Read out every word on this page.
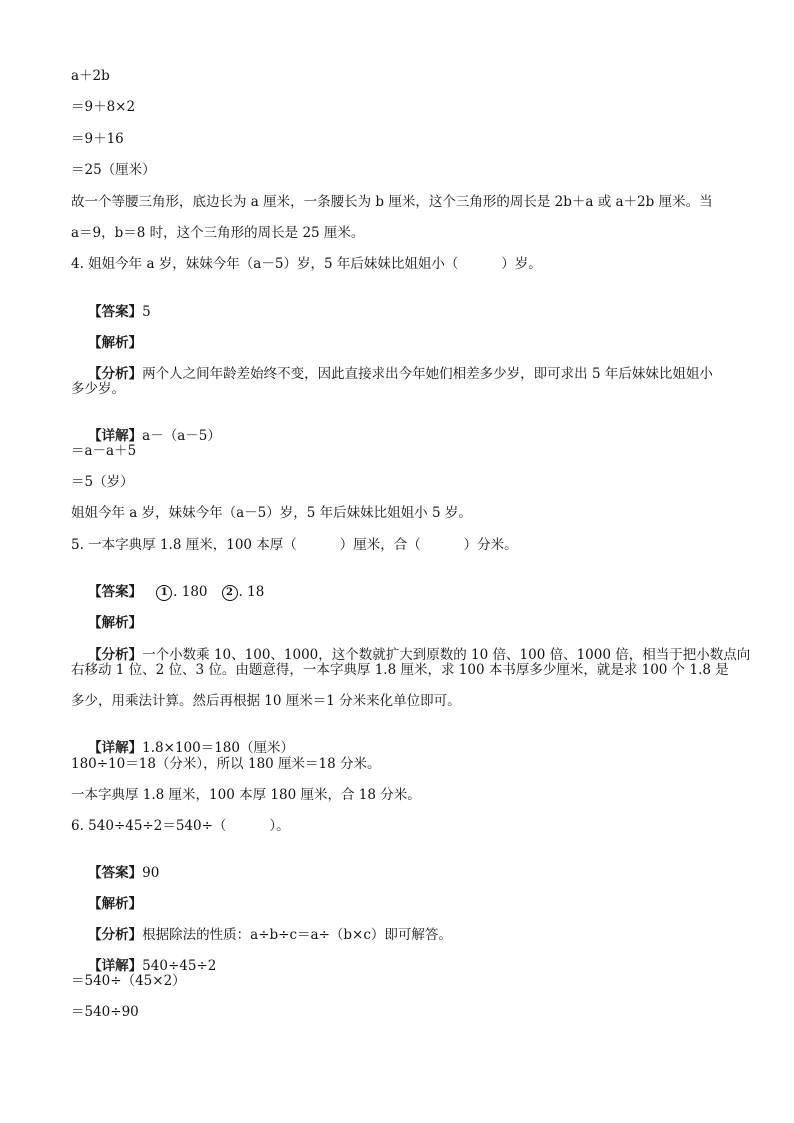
a＋2b
＝9＋8×2
＝9＋16
＝25（厘米）
故一个等腰三角形，底边长为 a 厘米，一条腰长为 b 厘米，这个三角形的周长是 2b＋a 或 a＋2b 厘米。当
a＝9，b＝8 时，这个三角形的周长是 25 厘米。
4. 姐姐今年 a 岁，妹妹今年（a－5）岁，5 年后妹妹比姐姐小（          ）岁。

【答案】5

【解析】

【分析】两个人之间年龄差始终不变，因此直接求出今年她们相差多少岁，即可求出 5 年后妹妹比姐姐小

多少岁。

【详解】a－（a－5）

＝a－a＋5
＝5（岁）
姐姐今年 a 岁，妹妹今年（a－5）岁，5 年后妹妹比姐姐小 5 岁。
5. 一本字典厚 1.8 厘米，100 本厚（          ）厘米，合（          ）分米。

【答案】 1 . 180 2 . 18

【解析】

【分析】一个小数乘 10、100、1000，这个数就扩大到原数的 10 倍、100 倍、1000 倍，相当于把小数点向

右移动 1 位、2 位、3 位。由题意得，一本字典厚 1.8 厘米，求 100 本书厚多少厘米，就是求 100 个 1.8 是
多少，用乘法计算。然后再根据 10 厘米＝1 分米来化单位即可。

【详解】1.8×100＝180（厘米）

180÷10＝18（分米），所以 180 厘米＝18 分米。
一本字典厚 1.8 厘米，100 本厚 180 厘米，合 18 分米。
6. 540÷45÷2＝540÷（          ）。

【答案】90

【解析】

【分析】根据除法的性质：a÷b÷c＝a÷（b×c）即可解答。

【详解】540÷45÷2

＝540÷（45×2）
＝540÷90
